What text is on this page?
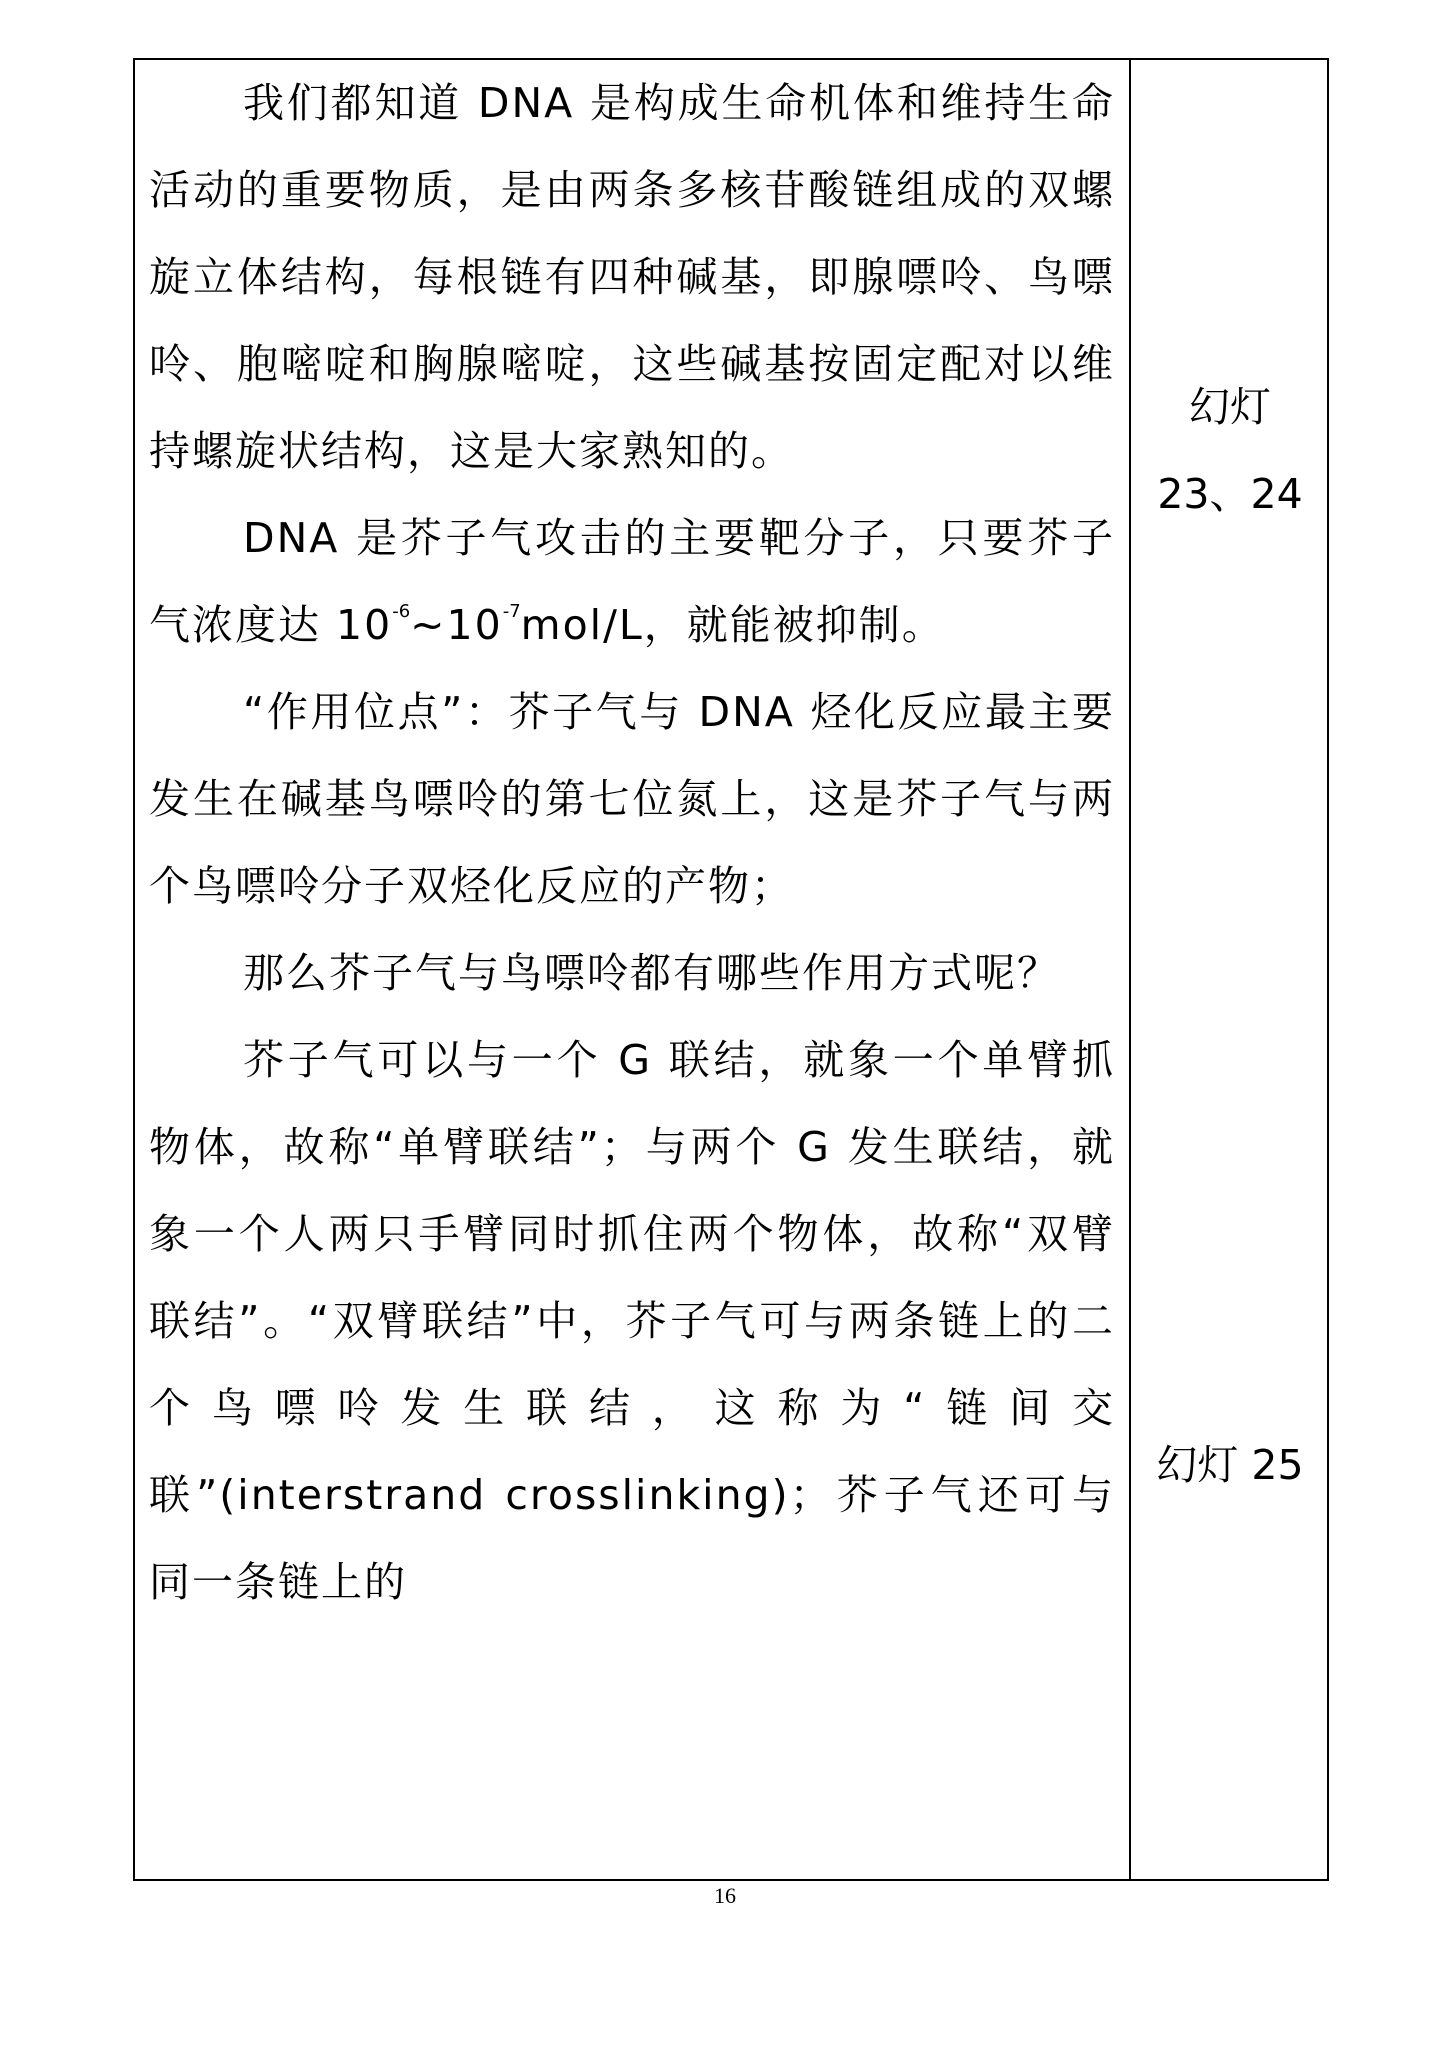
我们都知道 DNA 是构成生命机体和维持生命活动的重要物质，是由两条多核苷酸链组成的双螺旋立体结构，每根链有四种碱基，即腺嘌呤、鸟嘌呤、胞嘧啶和胸腺嘧啶，这些碱基按固定配对以维持螺旋状结构，这是大家熟知的。

DNA 是芥子气攻击的主要靶分子，只要芥子气浓度达 $10^{-6}\sim 10^{-7}mol/L$，就能被抑制。

“作用位点”：芥子气与 DNA 烃化反应最主要发生在碱基鸟嘌呤的第七位氮上，这是芥子气与两个鸟嘌呤分子双烃化反应的产物；

那么芥子气与鸟嘌呤都有哪些作用方式呢？

芥子气可以与一个 G 联结，就象一个单臂抓物体，故称“单臂联结”；与两个 G 发生联结，就象一个人两只手臂同时抓住两个物体，故称“双臂联结”。“双臂联结”中，芥子气可与两条链上的二个鸟嘌呤发生联结，这称为“链间交联”(interstrand crosslinking)；芥子气还可与同一条链上的

幻灯
23、24
幻灯 25
16
